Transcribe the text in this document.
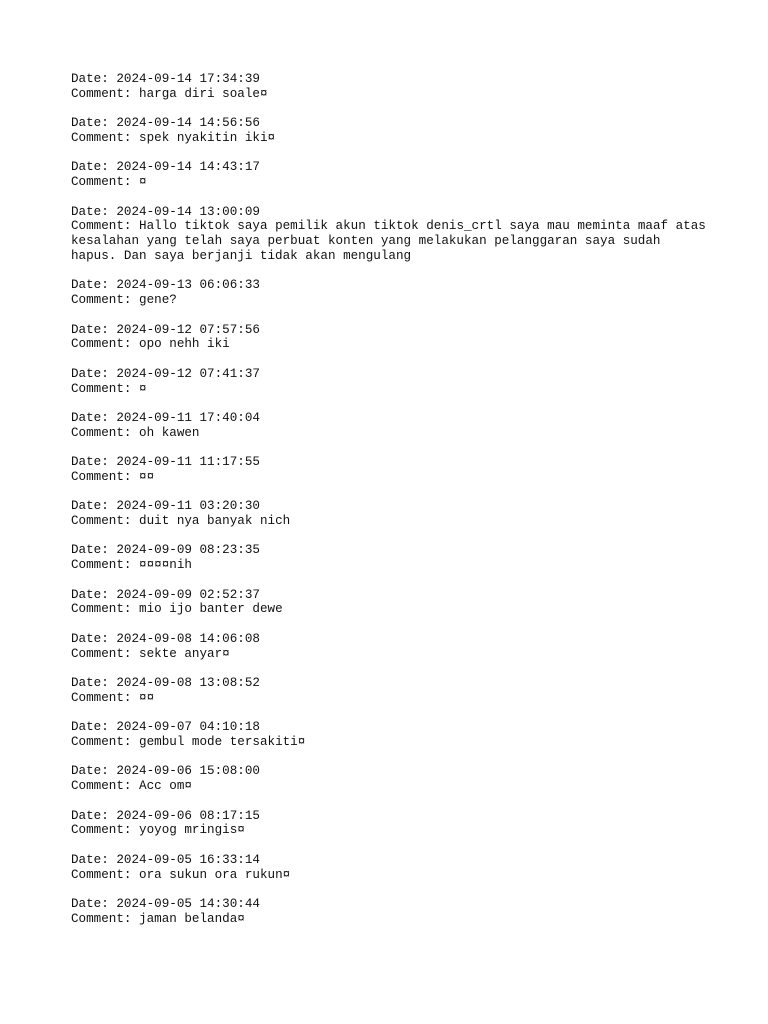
Date: 2024-09-14 17:34:39
Comment: harga diri soale¤
Date: 2024-09-14 14:56:56
Comment: spek nyakitin iki¤
Date: 2024-09-14 14:43:17
Comment: ¤
Date: 2024-09-14 13:00:09
Comment: Hallo tiktok saya pemilik akun tiktok denis_crtl saya mau meminta maaf atas kesalahan yang telah saya perbuat konten yang melakukan pelanggaran saya sudah hapus. Dan saya berjanji tidak akan mengulang
Date: 2024-09-13 06:06:33
Comment: gene?
Date: 2024-09-12 07:57:56
Comment: opo nehh iki
Date: 2024-09-12 07:41:37
Comment: ¤
Date: 2024-09-11 17:40:04
Comment: oh kawen
Date: 2024-09-11 11:17:55
Comment: ¤¤
Date: 2024-09-11 03:20:30
Comment: duit nya banyak nich
Date: 2024-09-09 08:23:35
Comment: ¤¤¤¤nih
Date: 2024-09-09 02:52:37
Comment: mio ijo banter dewe
Date: 2024-09-08 14:06:08
Comment: sekte anyar¤
Date: 2024-09-08 13:08:52
Comment: ¤¤
Date: 2024-09-07 04:10:18
Comment: gembul mode tersakiti¤
Date: 2024-09-06 15:08:00
Comment: Acc om¤
Date: 2024-09-06 08:17:15
Comment: yoyog mringis¤
Date: 2024-09-05 16:33:14
Comment: ora sukun ora rukun¤
Date: 2024-09-05 14:30:44
Comment: jaman belanda¤
